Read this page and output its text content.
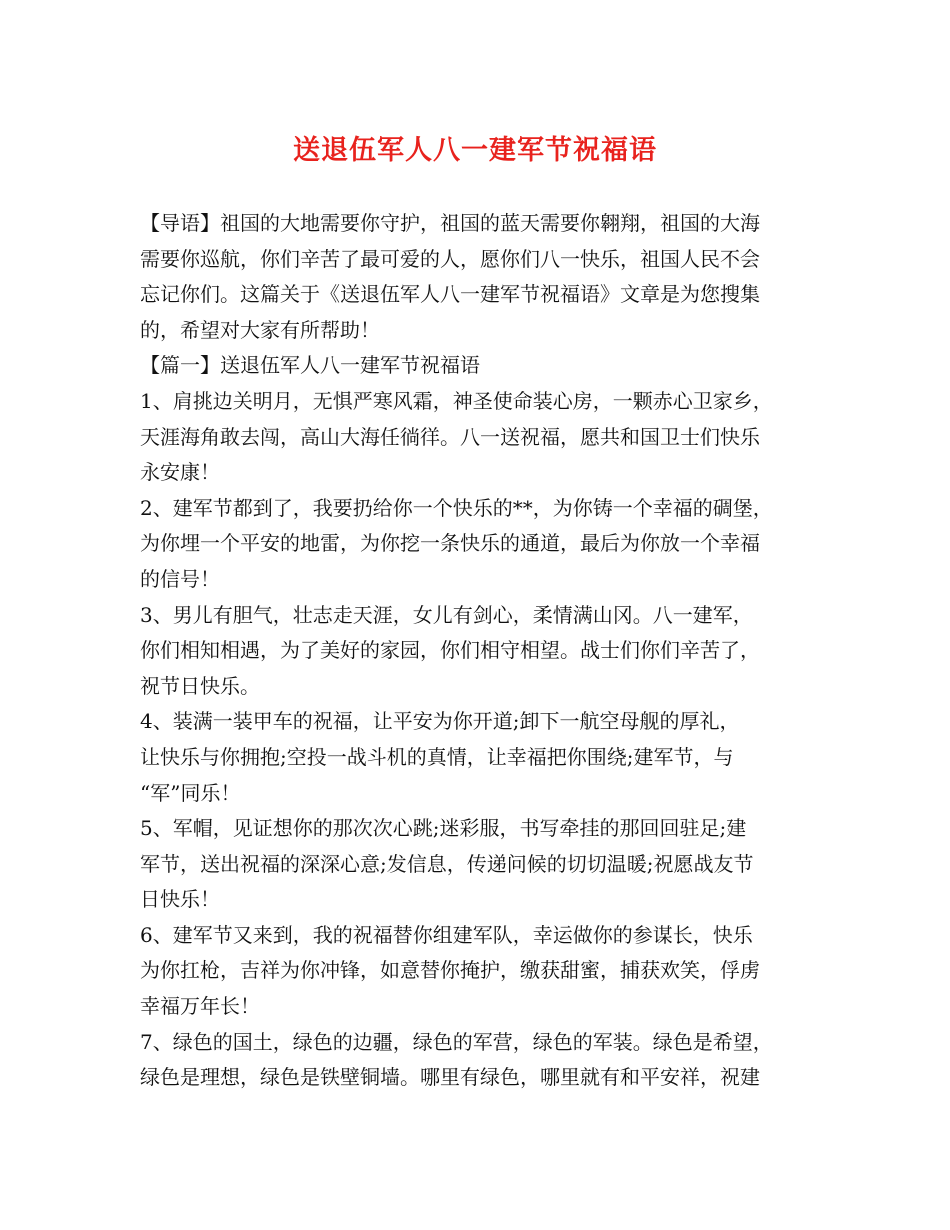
送退伍军人八一建军节祝福语
【导语】祖国的大地需要你守护，祖国的蓝天需要你翱翔，祖国的大海
需要你巡航，你们辛苦了最可爱的人，愿你们八一快乐，祖国人民不会
忘记你们。这篇关于《送退伍军人八一建军节祝福语》文章是为您搜集
的，希望对大家有所帮助！
【篇一】送退伍军人八一建军节祝福语
1、肩挑边关明月，无惧严寒风霜，神圣使命装心房，一颗赤心卫家乡，
天涯海角敢去闯，高山大海任徜徉。八一送祝福，愿共和国卫士们快乐
永安康！
2、建军节都到了，我要扔给你一个快乐的**，为你铸一个幸福的碉堡，
为你埋一个平安的地雷，为你挖一条快乐的通道，最后为你放一个幸福
的信号！
3、男儿有胆气，壮志走天涯，女儿有剑心，柔情满山冈。八一建军，
你们相知相遇，为了美好的家园，你们相守相望。战士们你们辛苦了，
祝节日快乐。
4、装满一装甲车的祝福，让平安为你开道;卸下一航空母舰的厚礼，
让快乐与你拥抱;空投一战斗机的真情，让幸福把你围绕;建军节，与
“军”同乐！
5、军帽，见证想你的那次次心跳;迷彩服，书写牵挂的那回回驻足;建
军节，送出祝福的深深心意;发信息，传递问候的切切温暖;祝愿战友节
日快乐！
6、建军节又来到，我的祝福替你组建军队，幸运做你的参谋长，快乐
为你扛枪，吉祥为你冲锋，如意替你掩护，缴获甜蜜，捕获欢笑，俘虏
幸福万年长！
7、绿色的国土，绿色的边疆，绿色的军营，绿色的军装。绿色是希望，
绿色是理想，绿色是铁壁铜墙。哪里有绿色，哪里就有和平安祥，祝建
